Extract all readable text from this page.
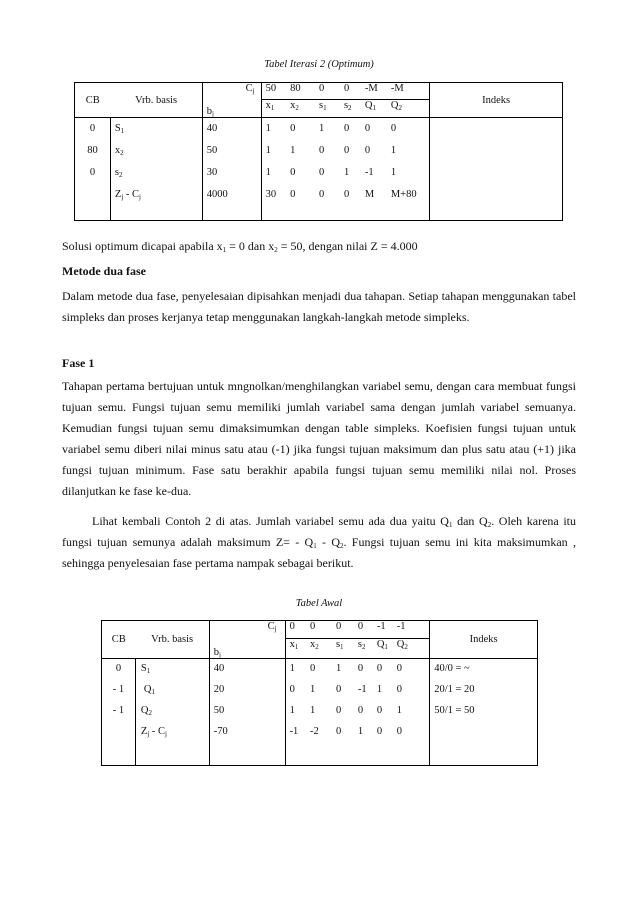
Tabel Iterasi 2 (Optimum)
CB	Vrb. basis	$C_j$	50	80	0	0	-M	-M	Indeks
		$b_j$	$x_1$	$x_2$	$s_1$	$s_2$	$Q_1$	$Q_2$
0	$S_1$	40	1	0	1	0	0	0	
80	$x_2$	50	1	1	0	0	0	1	
0	$s_2$	30	1	0	0	1	-1	1	
	$Z_j - C_j$	4000	30	0	0	0	M	M+80	

Solusi optimum dicapai apabila $x_1 = 0$ dan $x_2 = 50$, dengan nilai Z = 4.000

Metode dua fase

Dalam metode dua fase, penyelesaian dipisahkan menjadi dua tahapan. Setiap tahapan menggunakan tabel simpleks dan proses kerjanya tetap menggunakan langkah-langkah metode simpleks.

Fase 1

Tahapan pertama bertujuan untuk mngnolkan/menghilangkan variabel semu, dengan cara membuat fungsi tujuan semu. Fungsi tujuan semu memiliki jumlah variabel sama dengan jumlah variabel semuanya. Kemudian fungsi tujuan semu dimaksimumkan dengan table simpleks. Koefisien fungsi tujuan untuk variabel semu diberi nilai minus satu atau (-1) jika fungsi tujuan maksimum dan plus satu atau (+1) jika fungsi tujuan minimum. Fase satu berakhir apabila fungsi tujuan semu memiliki nilai nol. Proses dilanjutkan ke fase ke-dua.

Lihat kembali Contoh 2 di atas. Jumlah variabel semu ada dua yaitu $Q_1$ dan $Q_2$. Oleh karena itu fungsi tujuan semunya adalah maksimum $Z= - Q_1 - Q_2$. Fungsi tujuan semu ini kita maksimumkan , sehingga penyelesaian fase pertama nampak sebagai berikut.

Tabel Awal
CB	Vrb. basis	$C_j$	0	0	0	0	-1	-1	Indeks
		$b_j$	$x_1$	$x_2$	$s_1$	$s_2$	$Q_1$	$Q_2$
0	$S_1$	40	1	0	1	0	0	0	40/0 = ~
- 1	$Q_1$	20	0	1	0	-1	1	0	20/1 = 20
- 1	$Q_2$	50	1	1	0	0	0	1	50/1 = 50
	$Z_j - C_j$	-70	-1	-2	0	1	0	0	
